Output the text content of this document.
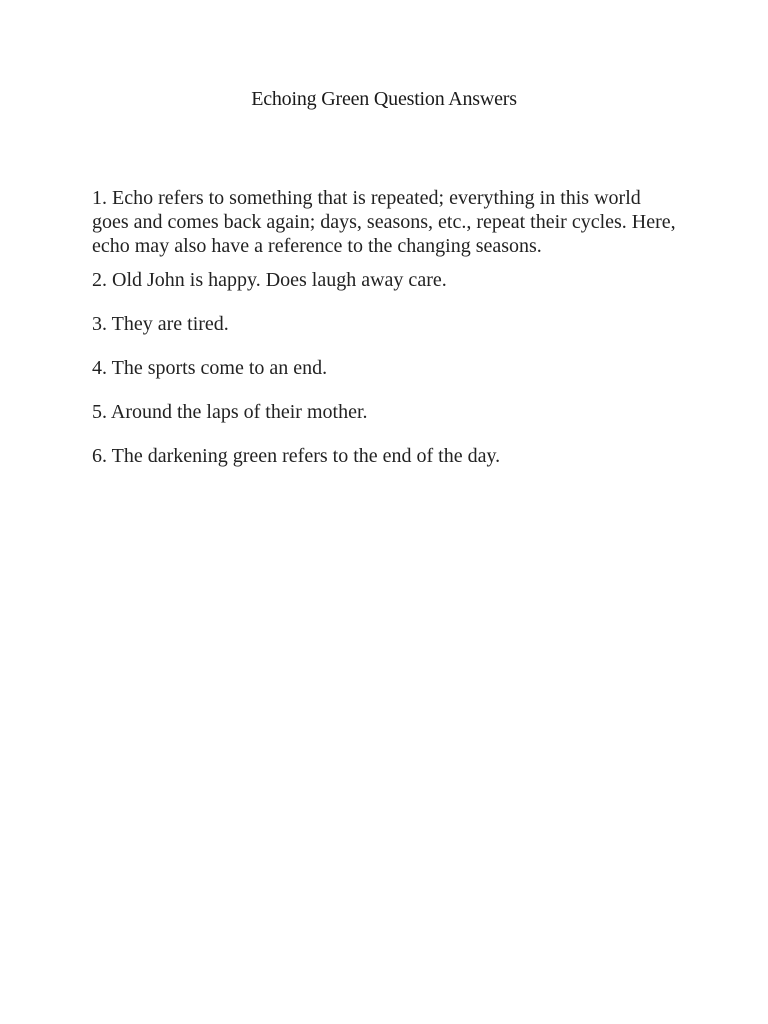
Echoing Green Question Answers
1. Echo refers to something that is repeated; everything in this world goes and comes back again; days, seasons, etc., repeat their cycles. Here, echo may also have a reference to the changing seasons.
2. Old John is happy. Does laugh away care.
3. They are tired.
4. The sports come to an end.
5. Around the laps of their mother.
6. The darkening green refers to the end of the day.
